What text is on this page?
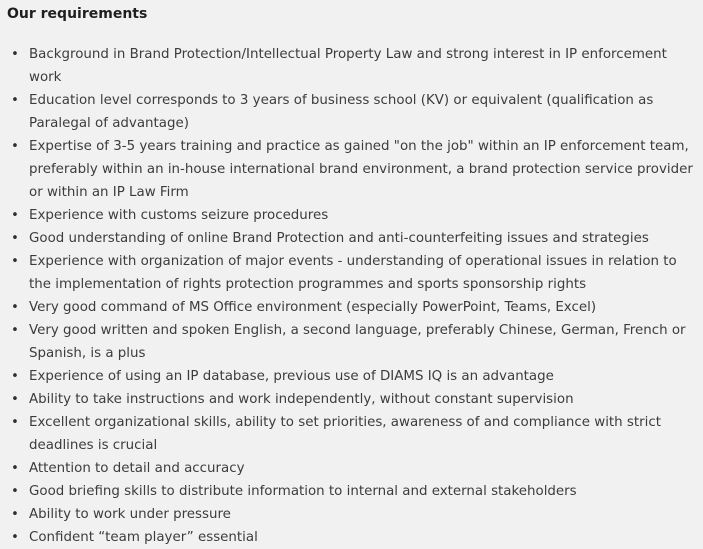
Our requirements
• Background in Brand Protection/Intellectual Property Law and strong interest in IP enforcement work
• Education level corresponds to 3 years of business school (KV) or equivalent (qualification as Paralegal of advantage)
• Expertise of 3-5 years training and practice as gained "on the job" within an IP enforcement team, preferably within an in-house international brand environment, a brand protection service provider or within an IP Law Firm
• Experience with customs seizure procedures
• Good understanding of online Brand Protection and anti-counterfeiting issues and strategies
• Experience with organization of major events - understanding of operational issues in relation to the implementation of rights protection programmes and sports sponsorship rights
• Very good command of MS Office environment (especially PowerPoint, Teams, Excel)
• Very good written and spoken English, a second language, preferably Chinese, German, French or Spanish, is a plus
• Experience of using an IP database, previous use of DIAMS IQ is an advantage
• Ability to take instructions and work independently, without constant supervision
• Excellent organizational skills, ability to set priorities, awareness of and compliance with strict deadlines is crucial
• Attention to detail and accuracy
• Good briefing skills to distribute information to internal and external stakeholders
• Ability to work under pressure
• Confident “team player” essential
